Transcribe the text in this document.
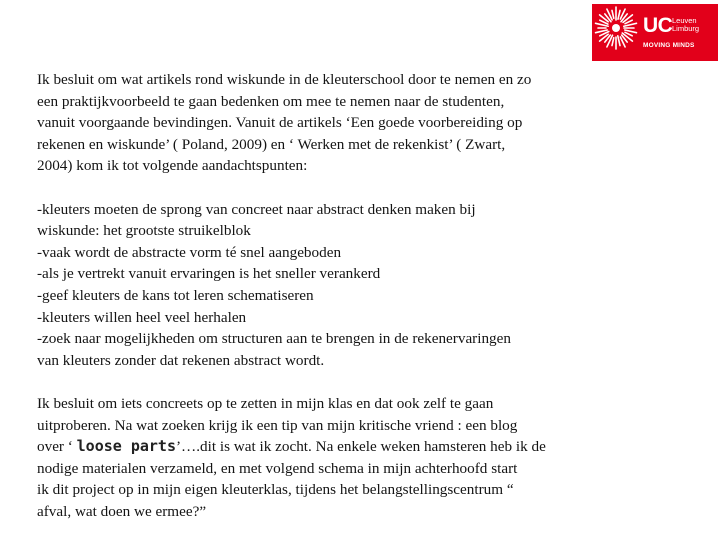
UC Leuven
Limburg
MOVING MINDS
Ik besluit om wat artikels rond wiskunde in de kleuterschool door te nemen en zo
een praktijkvoorbeeld te gaan bedenken om mee te nemen naar de studenten,
vanuit voorgaande bevindingen. Vanuit de artikels ‘Een goede voorbereiding op
rekenen en wiskunde’ ( Poland, 2009) en ‘ Werken met de rekenkist’ ( Zwart,
2004) kom ik tot volgende aandachtspunten:
-kleuters moeten de sprong van concreet naar abstract denken maken bij
wiskunde: het grootste struikelblok
-vaak wordt de abstracte vorm té snel aangeboden
-als je vertrekt vanuit ervaringen is het sneller verankerd
-geef kleuters de kans tot leren schematiseren
-kleuters willen heel veel herhalen
-zoek naar mogelijkheden om structuren aan te brengen in de rekenervaringen
van kleuters zonder dat rekenen abstract wordt.
Ik besluit om iets concreets op te zetten in mijn klas en dat ook zelf te gaan
uitproberen. Na wat zoeken krijg ik een tip van mijn kritische vriend : een blog
over ‘ loose parts’….dit is wat ik zocht. Na enkele weken hamsteren heb ik de
nodige materialen verzameld, en met volgend schema in mijn achterhoofd start
ik dit project op in mijn eigen kleuterklas, tijdens het belangstellingscentrum “
afval, wat doen we ermee?”
